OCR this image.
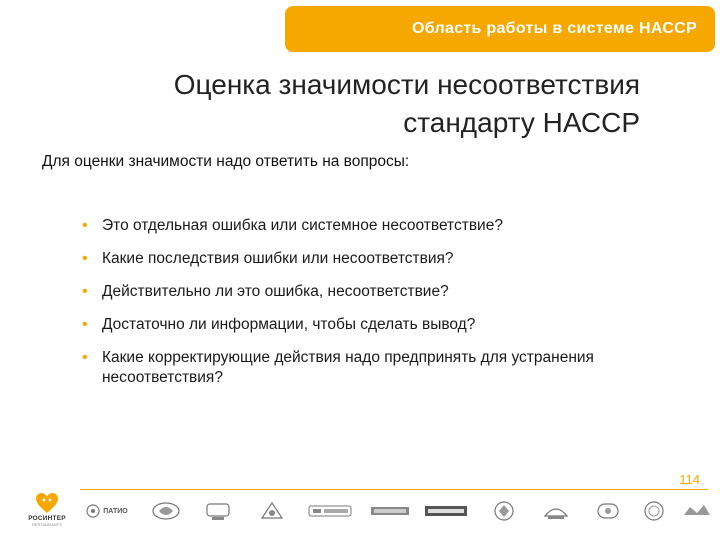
Область работы в системе НАССР
Оценка значимости несоответствия
стандарту НАССР
Для оценки значимости надо ответить на вопросы:
• Это отдельная ошибка или системное несоответствие?
• Какие последствия ошибки или несоответствия?
• Действительно ли это ошибка, несоответствие?
• Достаточно ли информации, чтобы сделать вывод?
• Какие корректирующие действия надо предпринять для устранения несоответствия?
114
РОСИНТЕР
RESTAURANTS
ПАТИО
